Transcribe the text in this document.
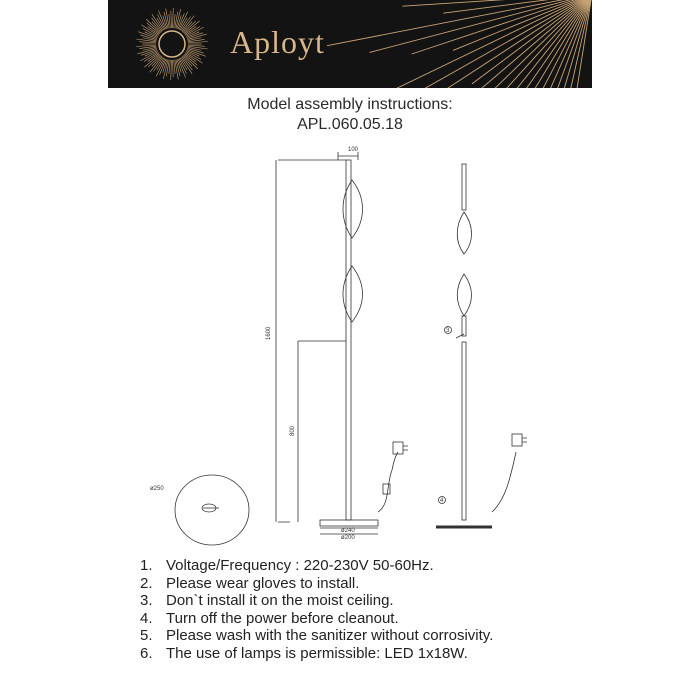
Aployt
Model assembly instructions:
APL.060.05.18
100
1600
800
ø240
ø200
ø250
3
4
1. Voltage/Frequency : 220-230V 50-60Hz.
2. Please wear gloves to install.
3. Don`t install it on the moist ceiling.
4. Turn off the power before cleanout.
5. Please wash with the sanitizer without corrosivity.
6. The use of lamps is permissible: LED 1x18W.
